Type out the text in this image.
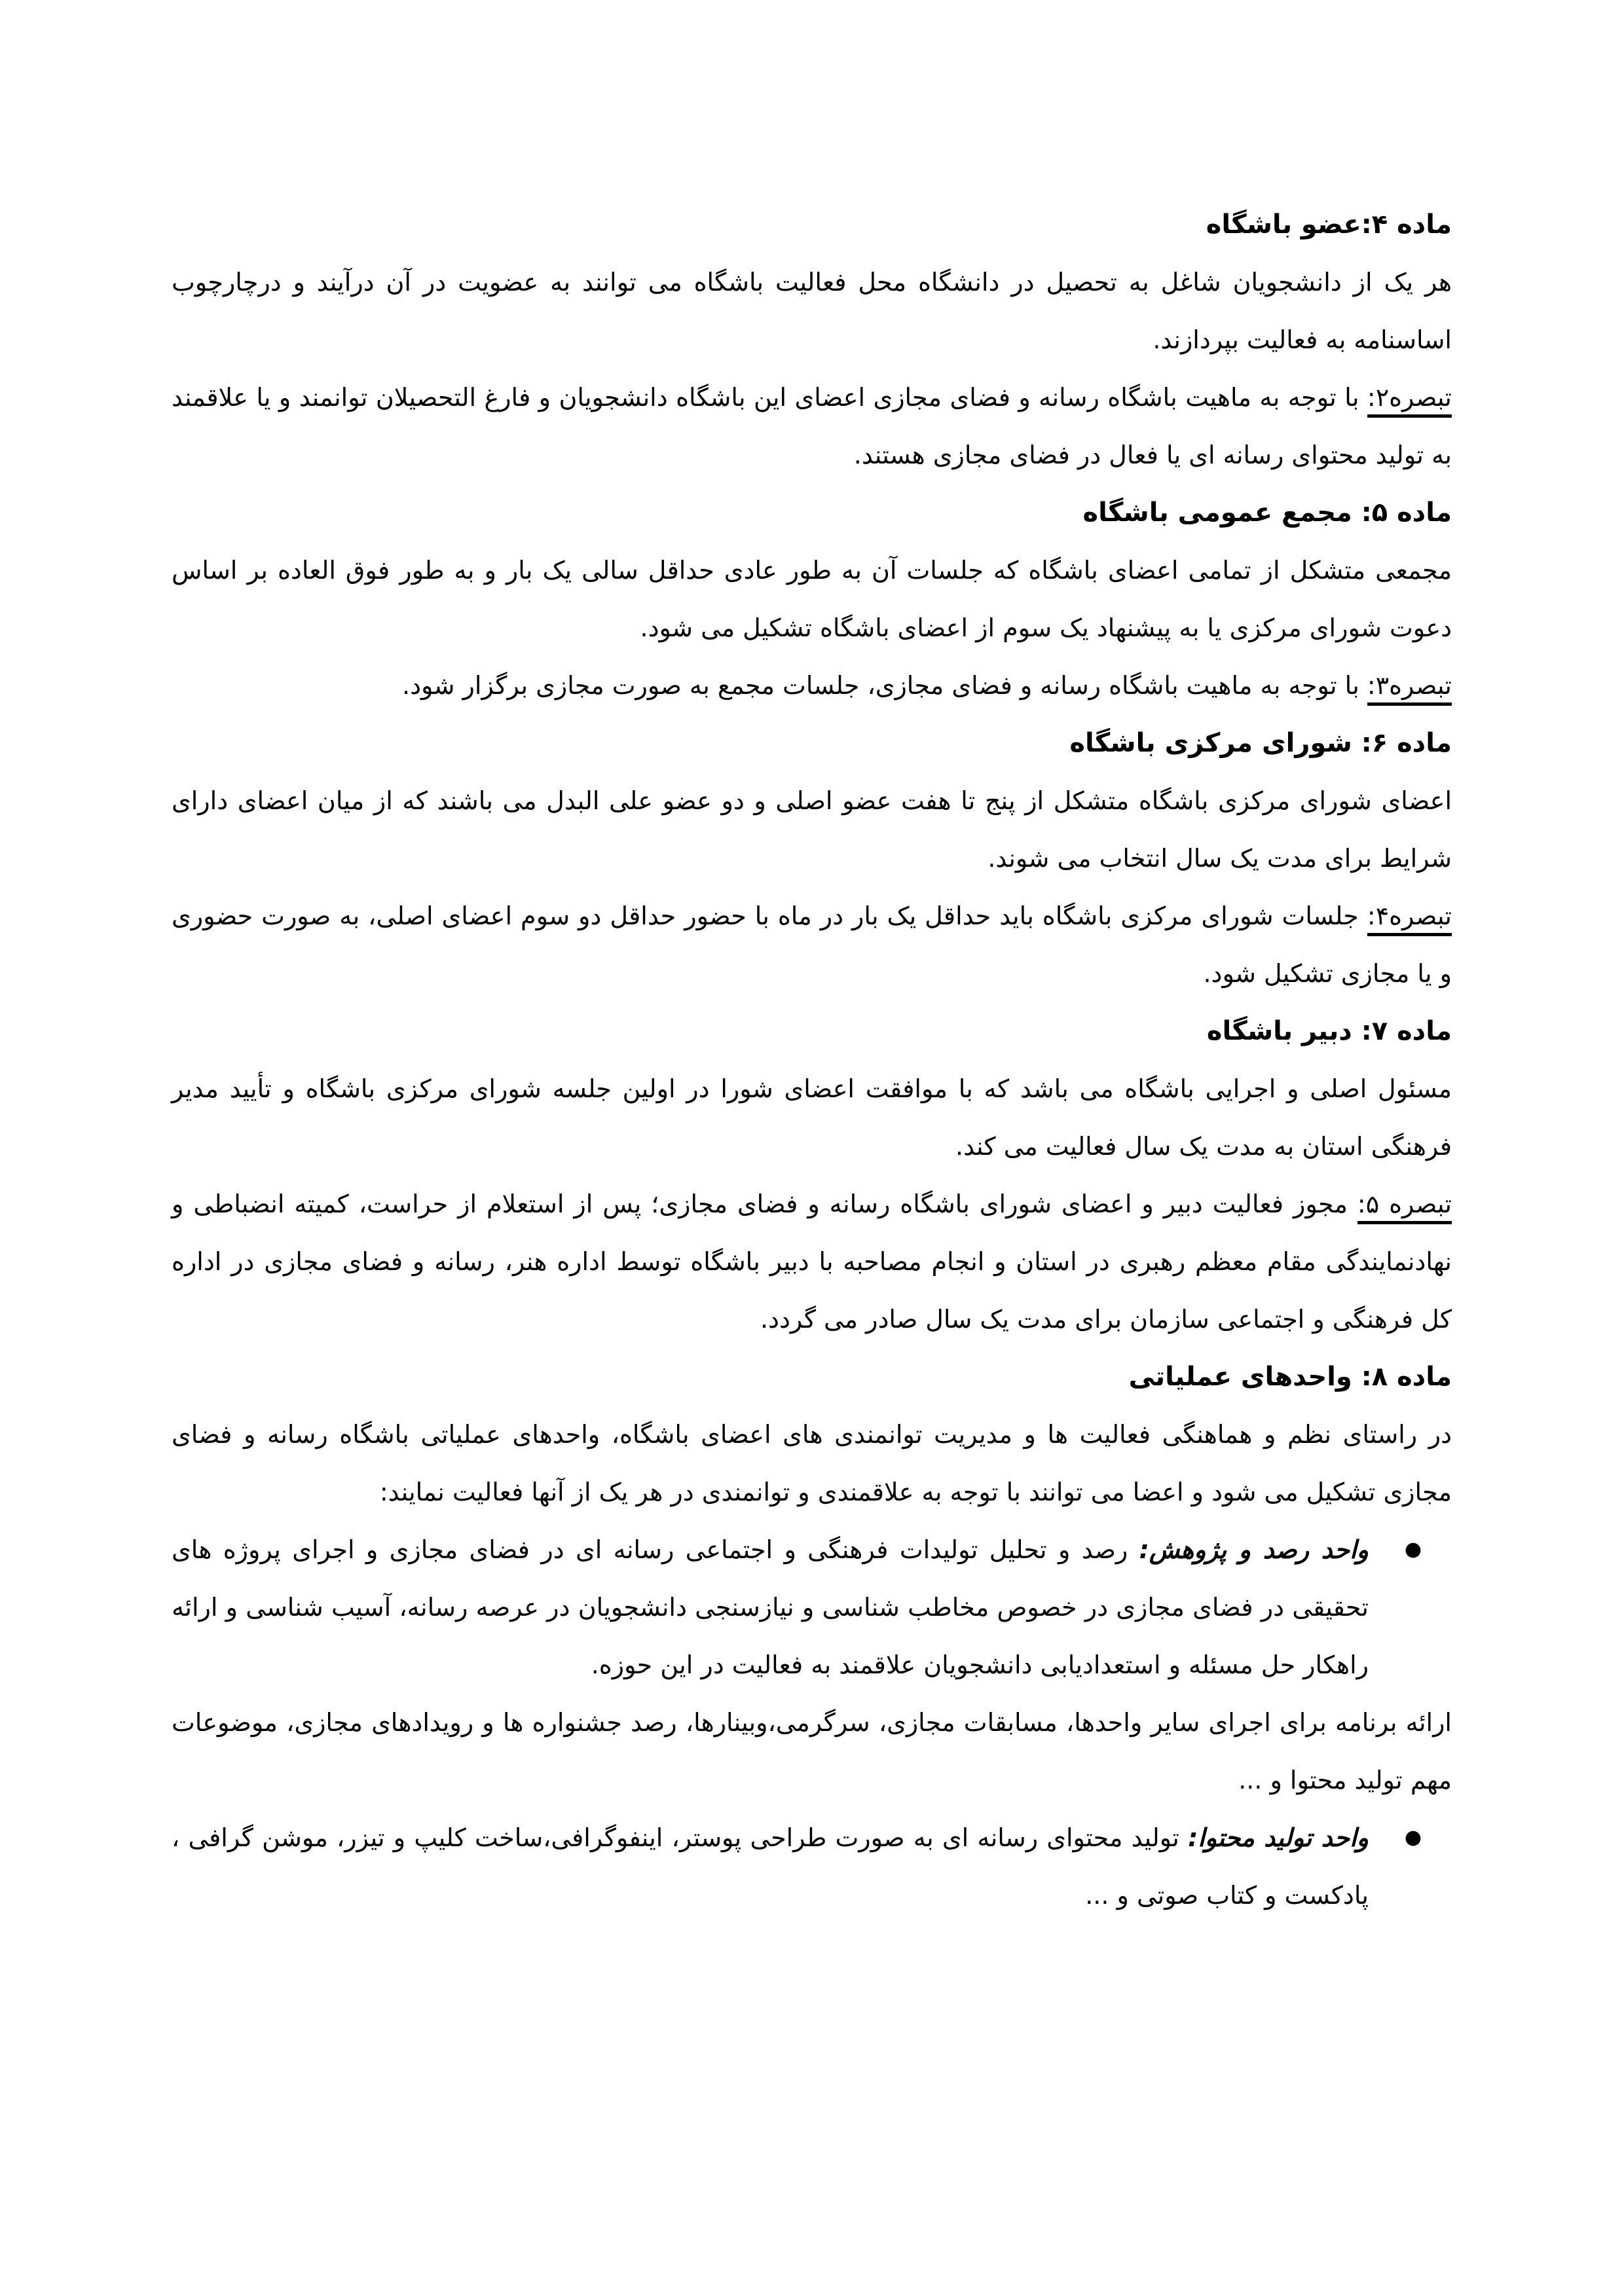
ماده ۴:عضو باشگاه

هر یک از دانشجویان شاغل به تحصیل در دانشگاه محل فعالیت باشگاه می توانند به عضویت در آن درآیند و درچارچوب اساسنامه به فعالیت بپردازند.

تبصره۲: با توجه به ماهیت باشگاه رسانه و فضای مجازی اعضای این باشگاه دانشجویان و فارغ التحصیلان توانمند و یا علاقمند به تولید محتوای رسانه ای یا فعال در فضای مجازی هستند.

ماده ۵: مجمع عمومی باشگاه

مجمعی متشکل از تمامی اعضای باشگاه که جلسات آن به طور عادی حداقل سالی یک بار و به طور فوق العاده بر اساس دعوت شورای مرکزی یا به پیشنهاد یک سوم از اعضای باشگاه تشکیل می شود.

تبصره۳: با توجه به ماهیت باشگاه رسانه و فضای مجازی، جلسات مجمع به صورت مجازی برگزار شود.

ماده ۶: شورای مرکزی باشگاه

اعضای شورای مرکزی باشگاه متشکل از پنج تا هفت عضو اصلی و دو عضو علی البدل می باشند که از میان اعضای دارای شرایط برای مدت یک سال انتخاب می شوند.

تبصره۴: جلسات شورای مرکزی باشگاه باید حداقل یک بار در ماه با حضور حداقل دو سوم اعضای اصلی، به صورت حضوری و یا مجازی تشکیل شود.

ماده ۷: دبیر باشگاه

مسئول اصلی و اجرایی باشگاه می باشد که با موافقت اعضای شورا در اولین جلسه شورای مرکزی باشگاه و تأیید مدیر فرهنگی استان به مدت یک سال فعالیت می کند.

تبصره ۵: مجوز فعالیت دبیر و اعضای شورای باشگاه رسانه و فضای مجازی؛ پس از استعلام از حراست، کمیته انضباطی و نهادنمایندگی مقام معظم رهبری در استان و انجام مصاحبه با دبیر باشگاه توسط اداره هنر، رسانه و فضای مجازی در اداره کل فرهنگی و اجتماعی سازمان برای مدت یک سال صادر می گردد.

ماده ۸: واحدهای عملیاتی

در راستای نظم و هماهنگی فعالیت ها و مدیریت توانمندی های اعضای باشگاه، واحدهای عملیاتی باشگاه رسانه و فضای مجازی تشکیل می شود و اعضا می توانند با توجه به علاقمندی و توانمندی در هر یک از آنها فعالیت نمایند:

●
واحد رصد و پژوهش: رصد و تحلیل تولیدات فرهنگی و اجتماعی رسانه ای در فضای مجازی و اجرای پروژه های تحقیقی در فضای مجازی در خصوص مخاطب شناسی و نیازسنجی دانشجویان در عرصه رسانه، آسیب شناسی و ارائه راهکار حل مسئله و استعدادیابی دانشجویان علاقمند به فعالیت در این حوزه.

ارائه برنامه برای اجرای سایر واحدها، مسابقات مجازی، سرگرمی،وبینارها، رصد جشنواره ها و رویدادهای مجازی، موضوعات مهم تولید محتوا و ...

●
واحد تولید محتوا: تولید محتوای رسانه ای به صورت طراحی پوستر، اینفوگرافی،ساخت کلیپ و تیزر، موشن گرافی ، پادکست و کتاب صوتی و ...
